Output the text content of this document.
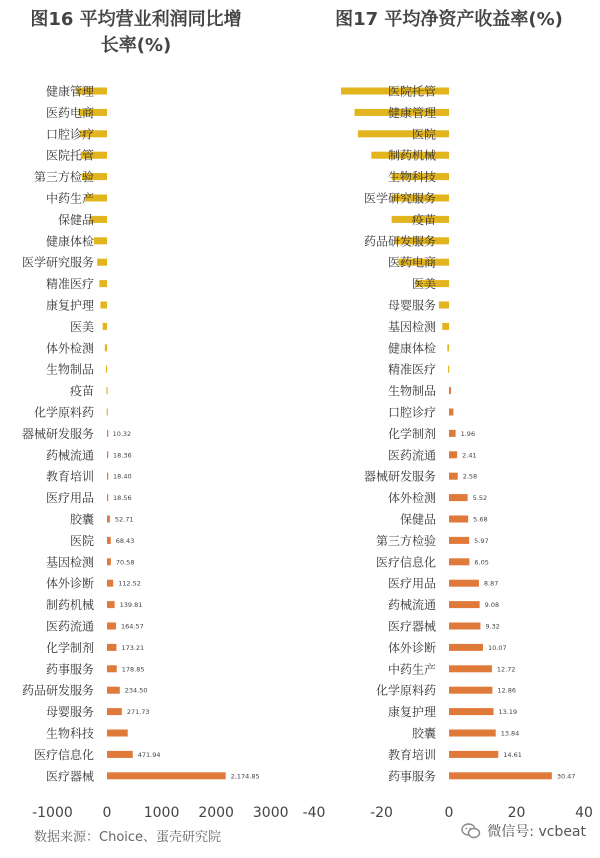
图16 平均营业利润同比增
长率(%)
健康管理
医药电商
口腔诊疗
医院托管
第三方检验
中药生产
保健品
健康体检
医学研究服务
精准医疗
康复护理
医美
体外检测
生物制品
疫苗
化学原料药
器械研发服务
药械流通
教育培训
医疗用品
胶囊
医院
基因检测
体外诊断
制药机械
医药流通
化学制剂
药事服务
药品研发服务
母婴服务
生物科技
医疗信息化
医疗器械
10.32
18.36
18.40
18.56
52.71
68.43
70.58
112.52
139.81
164.57
173.21
178.85
234.50
271.73
471.94
2,174.85
-1000 0 1000 2000 3000
图17 平均净资产收益率(%)
医院托管
健康管理
医院
制药机械
生物科技
医学研究服务
疫苗
药品研发服务
医药电商
医美
母婴服务
基因检测
健康体检
精准医疗
生物制品
口腔诊疗
化学制剂
医药流通
器械研发服务
体外检测
保健品
第三方检验
医疗信息化
医疗用品
药械流通
医疗器械
体外诊断
中药生产
化学原料药
康复护理
胶囊
教育培训
药事服务
1.96
2.41
2.58
5.52
5.68
5.97
6.05
8.87
9.08
9.32
10.07
12.72
12.86
13.19
13.84
14.61
30.47
-40	-20	0	20	40
数据来源：Choice、蛋壳研究院	微信号: vcbeat
